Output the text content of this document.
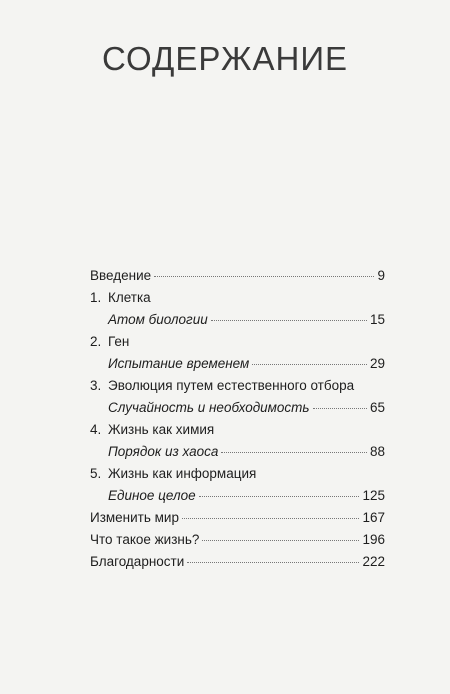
СОДЕРЖАНИЕ
Введение	9
1. Клетка
Атом биологии	15
2. Ген
Испытание временем	29
3. Эволюция путем естественного отбора
Случайность и необходимость	65
4. Жизнь как химия
Порядок из хаоса	88
5. Жизнь как информация
Единое целое	125
Изменить мир	167
Что такое жизнь?	196
Благодарности	222
